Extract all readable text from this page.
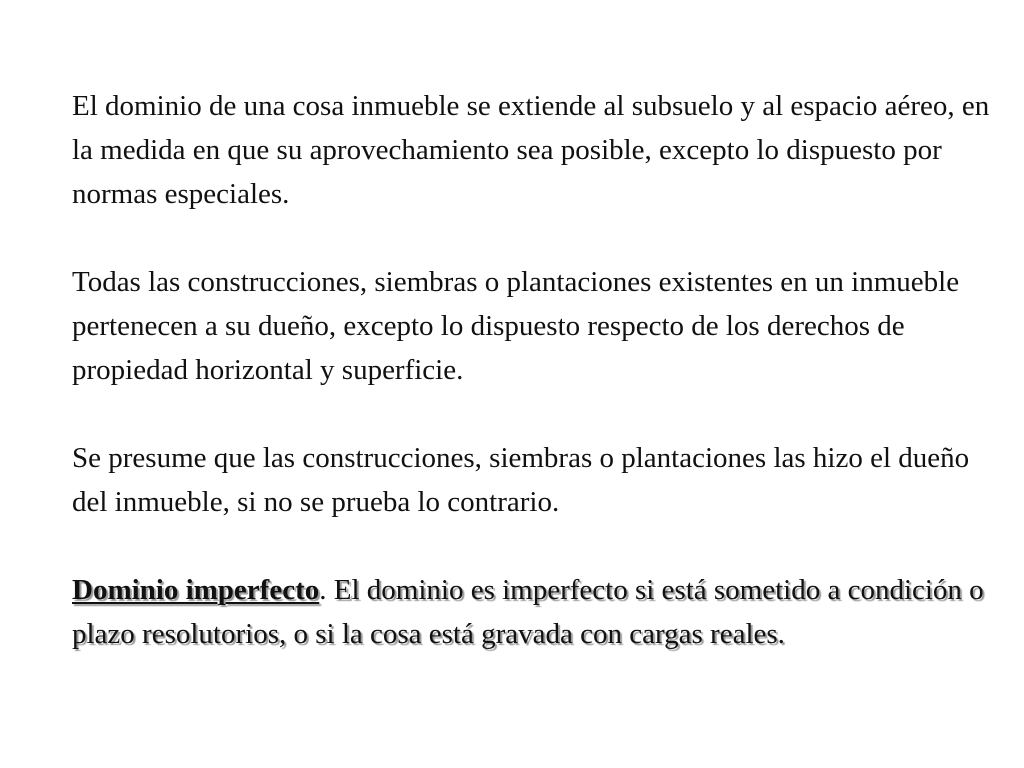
El dominio de una cosa inmueble se extiende al subsuelo y al espacio aéreo, en la medida en que su aprovechamiento sea posible, excepto lo dispuesto por normas especiales.

Todas las construcciones, siembras o plantaciones existentes en un inmueble pertenecen a su dueño, excepto lo dispuesto respecto de los derechos de propiedad horizontal y superficie.

Se presume que las construcciones, siembras o plantaciones las hizo el dueño del inmueble, si no se prueba lo contrario.

Dominio imperfecto. El dominio es imperfecto si está sometido a condición o plazo resolutorios, o si la cosa está gravada con cargas reales.
